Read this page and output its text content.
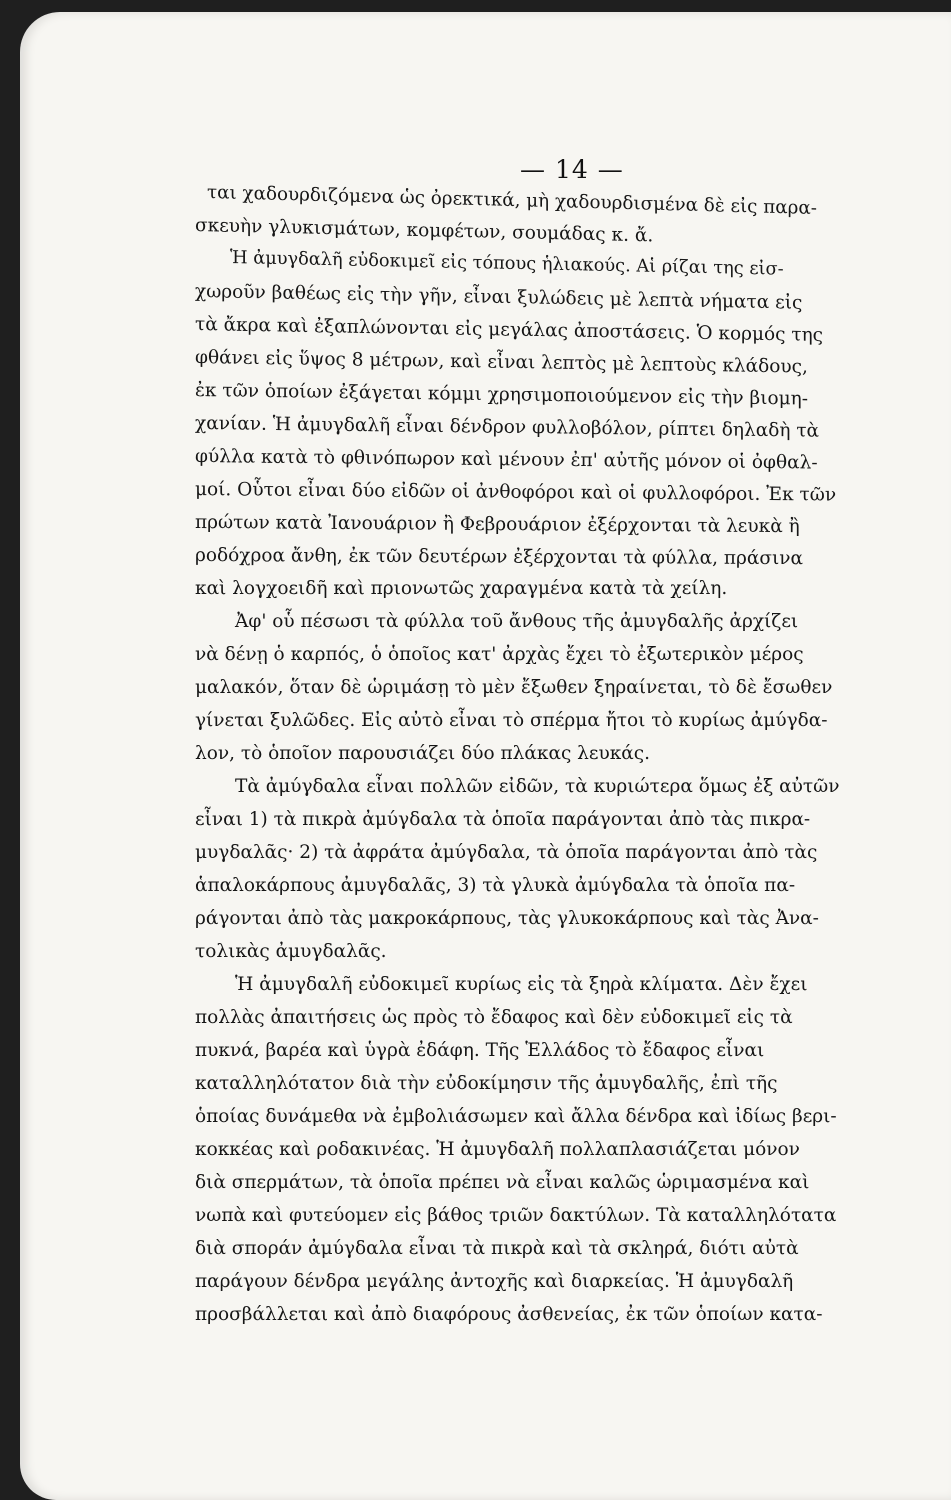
— 14 —
ται χαδουρδιζόμενα ὡς ὀρεκτικά, μὴ χαδουρδισμένα δὲ εἰς παρα-
σκευὴν γλυκισμάτων, κομφέτων, σουμάδας κ. ἄ.
Ἡ ἀμυγδαλῆ εὐδοκιμεῖ εἰς τόπους ἡλιακούς. Αἱ ρίζαι της εἰσ-
χωροῦν βαθέως εἰς τὴν γῆν, εἶναι ξυλώδεις μὲ λεπτὰ νήματα εἰς
τὰ ἄκρα καὶ ἐξαπλώνονται εἰς μεγάλας ἀποστάσεις. Ὁ κορμός της
φθάνει εἰς ὕψος 8 μέτρων, καὶ εἶναι λεπτὸς μὲ λεπτοὺς κλάδους,
ἐκ τῶν ὁποίων ἐξάγεται κόμμι χρησιμοποιούμενον εἰς τὴν βιομη-
χανίαν. Ἡ ἀμυγδαλῆ εἶναι δένδρον φυλλοβόλον, ρίπτει δηλαδὴ τὰ
φύλλα κατὰ τὸ φθινόπωρον καὶ μένουν ἐπ' αὐτῆς μόνον οἱ ὀφθαλ-
μοί. Οὗτοι εἶναι δύο εἰδῶν οἱ ἀνθοφόροι καὶ οἱ φυλλοφόροι. Ἐκ τῶν
πρώτων κατὰ Ἰανουάριον ἢ Φεβρουάριον ἐξέρχονται τὰ λευκὰ ἢ
ροδόχροα ἄνθη, ἐκ τῶν δευτέρων ἐξέρχονται τὰ φύλλα, πράσινα
καὶ λογχοειδῆ καὶ πριονωτῶς χαραγμένα κατὰ τὰ χείλη.
Ἀφ' οὗ πέσωσι τὰ φύλλα τοῦ ἄνθους τῆς ἀμυγδαλῆς ἀρχίζει
νὰ δένῃ ὁ καρπός, ὁ ὁποῖος κατ' ἀρχὰς ἔχει τὸ ἐξωτερικὸν μέρος
μαλακόν, ὅταν δὲ ὡριμάσῃ τὸ μὲν ἔξωθεν ξηραίνεται, τὸ δὲ ἔσωθεν
γίνεται ξυλῶδες. Εἰς αὐτὸ εἶναι τὸ σπέρμα ἤτοι τὸ κυρίως ἀμύγδα-
λον, τὸ ὁποῖον παρουσιάζει δύο πλάκας λευκάς.
Τὰ ἀμύγδαλα εἶναι πολλῶν εἰδῶν, τὰ κυριώτερα ὅμως ἐξ αὐτῶν
εἶναι 1) τὰ πικρὰ ἀμύγδαλα τὰ ὁποῖα παράγονται ἀπὸ τὰς πικρα-
μυγδαλᾶς· 2) τὰ ἀφράτα ἀμύγδαλα, τὰ ὁποῖα παράγονται ἀπὸ τὰς
ἁπαλοκάρπους ἀμυγδαλᾶς, 3) τὰ γλυκὰ ἀμύγδαλα τὰ ὁποῖα πα-
ράγονται ἀπὸ τὰς μακροκάρπους, τὰς γλυκοκάρπους καὶ τὰς Ἀνα-
τολικὰς ἀμυγδαλᾶς.
Ἡ ἀμυγδαλῆ εὐδοκιμεῖ κυρίως εἰς τὰ ξηρὰ κλίματα. Δὲν ἔχει
πολλὰς ἀπαιτήσεις ὡς πρὸς τὸ ἔδαφος καὶ δὲν εὐδοκιμεῖ εἰς τὰ
πυκνά, βαρέα καὶ ὑγρὰ ἐδάφη. Τῆς Ἑλλάδος τὸ ἔδαφος εἶναι
καταλληλότατον διὰ τὴν εὐδοκίμησιν τῆς ἀμυγδαλῆς, ἐπὶ τῆς
ὁποίας δυνάμεθα νὰ ἐμβολιάσωμεν καὶ ἄλλα δένδρα καὶ ἰδίως βερι-
κοκκέας καὶ ροδακινέας. Ἡ ἀμυγδαλῆ πολλαπλασιάζεται μόνον
διὰ σπερμάτων, τὰ ὁποῖα πρέπει νὰ εἶναι καλῶς ὡριμασμένα καὶ
νωπὰ καὶ φυτεύομεν εἰς βάθος τριῶν δακτύλων. Τὰ καταλληλότατα
διὰ σποράν ἀμύγδαλα εἶναι τὰ πικρὰ καὶ τὰ σκληρά, διότι αὐτὰ
παράγουν δένδρα μεγάλης ἀντοχῆς καὶ διαρκείας. Ἡ ἀμυγδαλῆ
προσβάλλεται καὶ ἀπὸ διαφόρους ἀσθενείας, ἐκ τῶν ὁποίων κατα-
